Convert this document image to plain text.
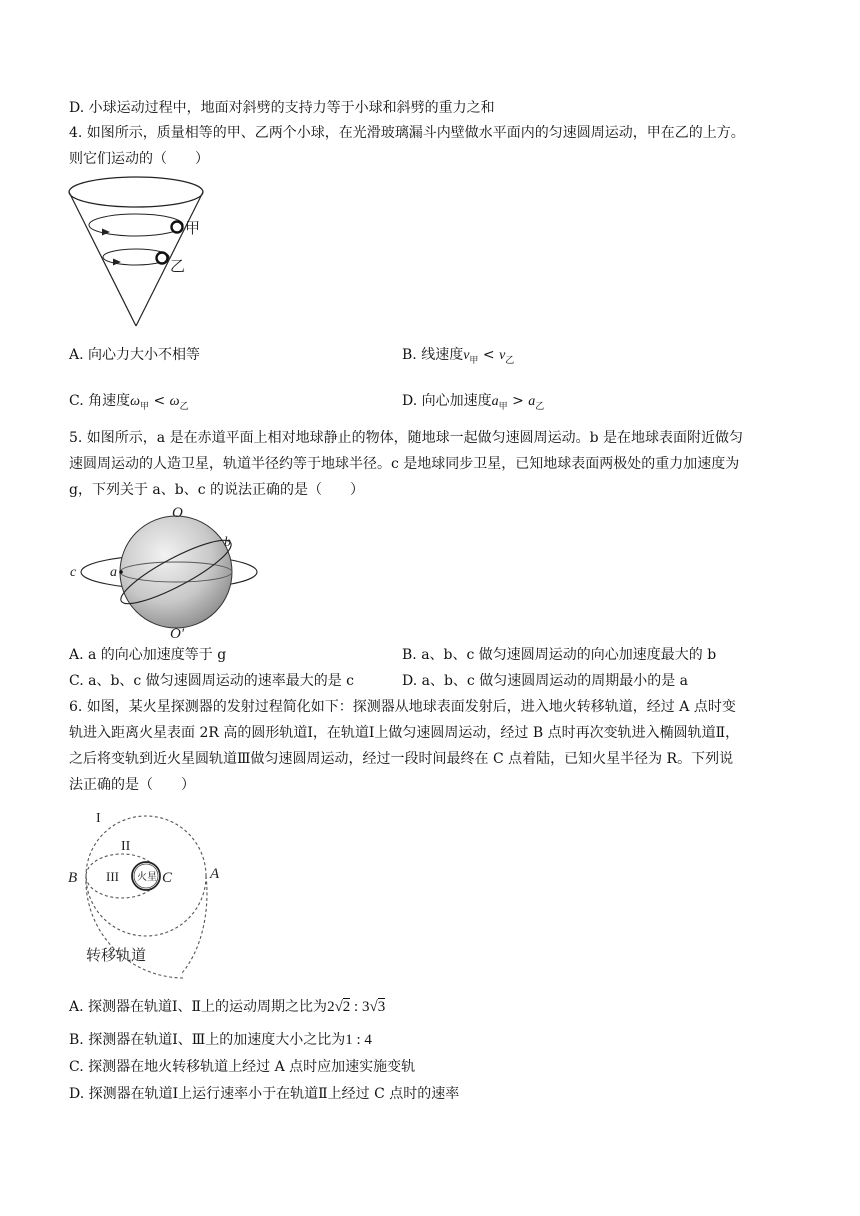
D. 小球运动过程中，地面对斜劈的支持力等于小球和斜劈的重力之和
4. 如图所示，质量相等的甲、乙两个小球，在光滑玻璃漏斗内壁做水平面内的匀速圆周运动，甲在乙的上方。
则它们运动的（　　）
甲
乙
A. 向心力大小不相等	B. 线速度$v_甲 < v_乙$
C. 角速度$\omega_甲 < \omega_乙$	D. 向心加速度$a_甲 > a_乙$
5. 如图所示，a 是在赤道平面上相对地球静止的物体，随地球一起做匀速圆周运动。b 是在地球表面附近做匀
速圆周运动的人造卫星，轨道半径约等于地球半径。c 是地球同步卫星，已知地球表面两极处的重力加速度为
g，下列关于 a、b、c 的说法正确的是（　　）
O
O′
a
b
c
A. a 的向心加速度等于 g	B. a、b、c 做匀速圆周运动的向心加速度最大的 b
C. a、b、c 做匀速圆周运动的速率最大的是 c	D. a、b、c 做匀速圆周运动的周期最小的是 a
6. 如图，某火星探测器的发射过程简化如下：探测器从地球表面发射后，进入地火转移轨道，经过 A 点时变
轨进入距离火星表面 2R 高的圆形轨道Ⅰ，在轨道Ⅰ上做匀速圆周运动，经过 B 点时再次变轨进入椭圆轨道Ⅱ，
之后将变轨到近火星圆轨道Ⅲ做匀速圆周运动，经过一段时间最终在 C 点着陆，已知火星半径为 R。下列说
法正确的是（　　）
火星
I
II
III
B	C	A
转移轨道
A. 探测器在轨道Ⅰ、Ⅱ上的运动周期之比为2√2 : 3√3
B. 探测器在轨道Ⅰ、Ⅲ上的加速度大小之比为1 : 4
C. 探测器在地火转移轨道上经过 A 点时应加速实施变轨
D. 探测器在轨道Ⅰ上运行速率小于在轨道Ⅱ上经过 C 点时的速率
